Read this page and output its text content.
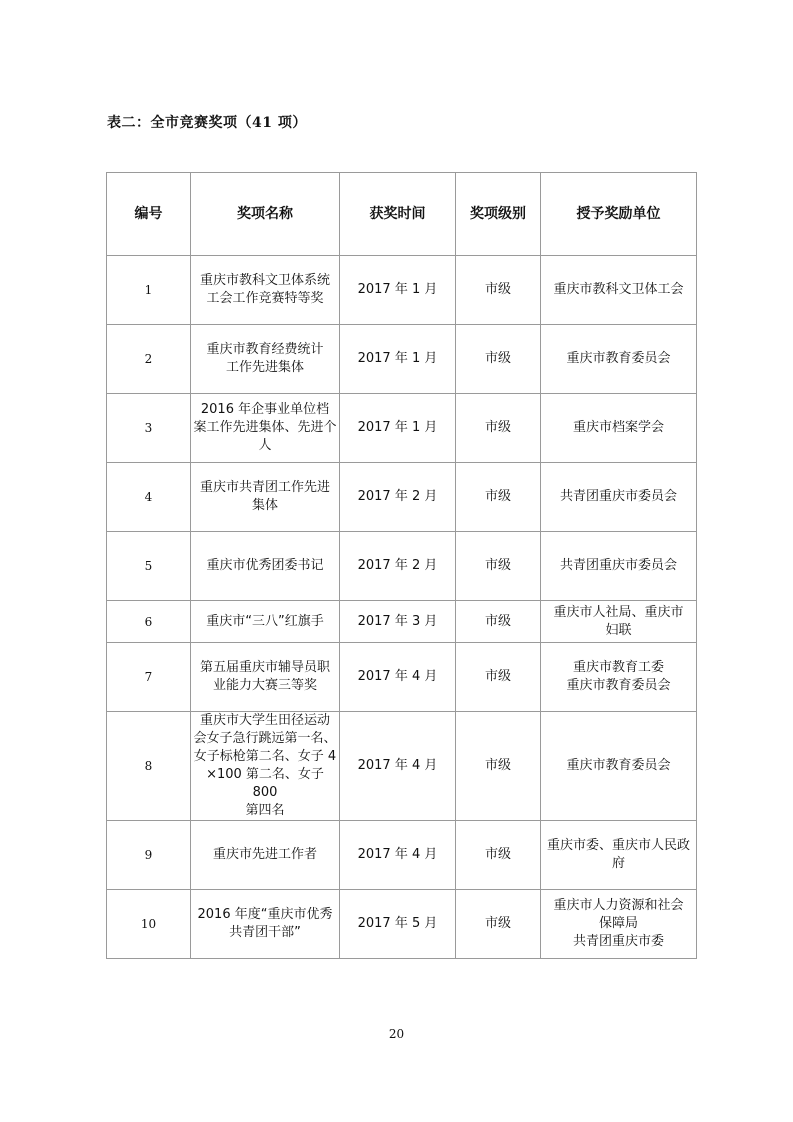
表二：全市竞赛奖项（41 项）
编号	奖项名称	获奖时间	奖项级别	授予奖励单位
1	重庆市教科文卫体系统
工会工作竞赛特等奖	2017 年 1 月	市级	重庆市教科文卫体工会
2	重庆市教育经费统计
工作先进集体	2017 年 1 月	市级	重庆市教育委员会
3	2016 年企事业单位档
案工作先进集体、先进个
人	2017 年 1 月	市级	重庆市档案学会
4	重庆市共青团工作先进
集体	2017 年 2 月	市级	共青团重庆市委员会
5	重庆市优秀团委书记	2017 年 2 月	市级	共青团重庆市委员会
6	重庆市“三八”红旗手	2017 年 3 月	市级	重庆市人社局、重庆市
妇联
7	第五届重庆市辅导员职
业能力大赛三等奖	2017 年 4 月	市级	重庆市教育工委
重庆市教育委员会
8	重庆市大学生田径运动
会女子急行跳远第一名、
女子标枪第二名、女子 4
×100 第二名、女子 800
第四名	2017 年 4 月	市级	重庆市教育委员会
9	重庆市先进工作者	2017 年 4 月	市级	重庆市委、重庆市人民政
府
10	2016 年度“重庆市优秀
共青团干部”	2017 年 5 月	市级	重庆市人力资源和社会
保障局
共青团重庆市委
20
